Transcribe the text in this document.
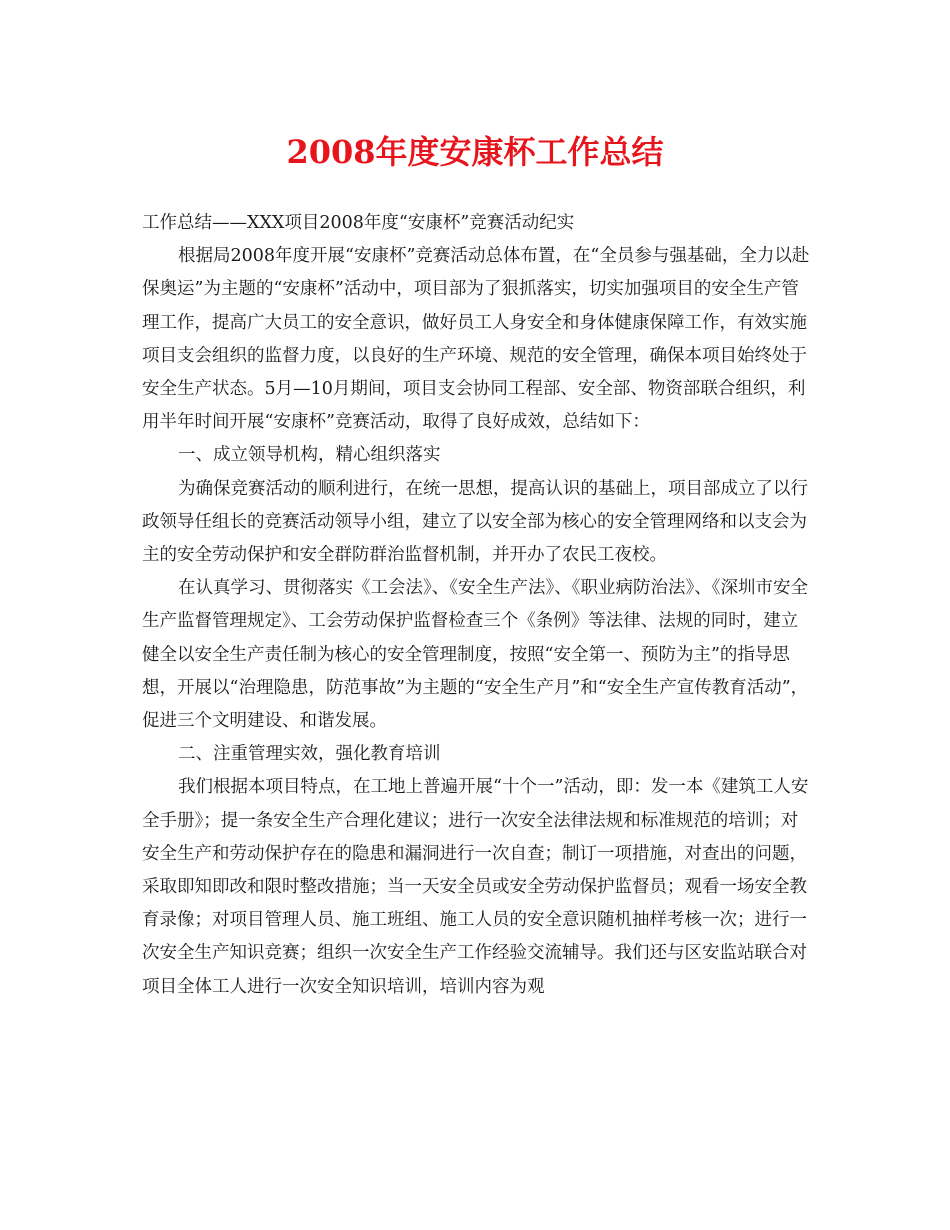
2008年度安康杯工作总结

工作总结——XXX项目2008年度“安康杯”竞赛活动纪实

根据局2008年度开展“安康杯”竞赛活动总体布置，在“全员参与强基础，全力以赴保奥运”为主题的“安康杯”活动中，项目部为了狠抓落实，切实加强项目的安全生产管理工作，提高广大员工的安全意识，做好员工人身安全和身体健康保障工作，有效实施项目支会组织的监督力度，以良好的生产环境、规范的安全管理，确保本项目始终处于安全生产状态。5月—10月期间，项目支会协同工程部、安全部、物资部联合组织，利用半年时间开展“安康杯”竞赛活动，取得了良好成效，总结如下：

一、成立领导机构，精心组织落实

为确保竞赛活动的顺利进行，在统一思想，提高认识的基础上，项目部成立了以行政领导任组长的竞赛活动领导小组，建立了以安全部为核心的安全管理网络和以支会为主的安全劳动保护和安全群防群治监督机制，并开办了农民工夜校。

在认真学习、贯彻落实《工会法》、《安全生产法》、《职业病防治法》、《深圳市安全生产监督管理规定》、工会劳动保护监督检查三个《条例》等法律、法规的同时，建立健全以安全生产责任制为核心的安全管理制度，按照“安全第一、预防为主”的指导思想，开展以“治理隐患，防范事故”为主题的“安全生产月”和“安全生产宣传教育活动”，促进三个文明建设、和谐发展。

二、注重管理实效，强化教育培训

我们根据本项目特点，在工地上普遍开展“十个一”活动，即：发一本《建筑工人安全手册》；提一条安全生产合理化建议；进行一次安全法律法规和标准规范的培训；对安全生产和劳动保护存在的隐患和漏洞进行一次自查；制订一项措施，对查出的问题，采取即知即改和限时整改措施；当一天安全员或安全劳动保护监督员；观看一场安全教育录像；对项目管理人员、施工班组、施工人员的安全意识随机抽样考核一次；进行一次安全生产知识竞赛；组织一次安全生产工作经验交流辅导。我们还与区安监站联合对项目全体工人进行一次安全知识培训，培训内容为观
